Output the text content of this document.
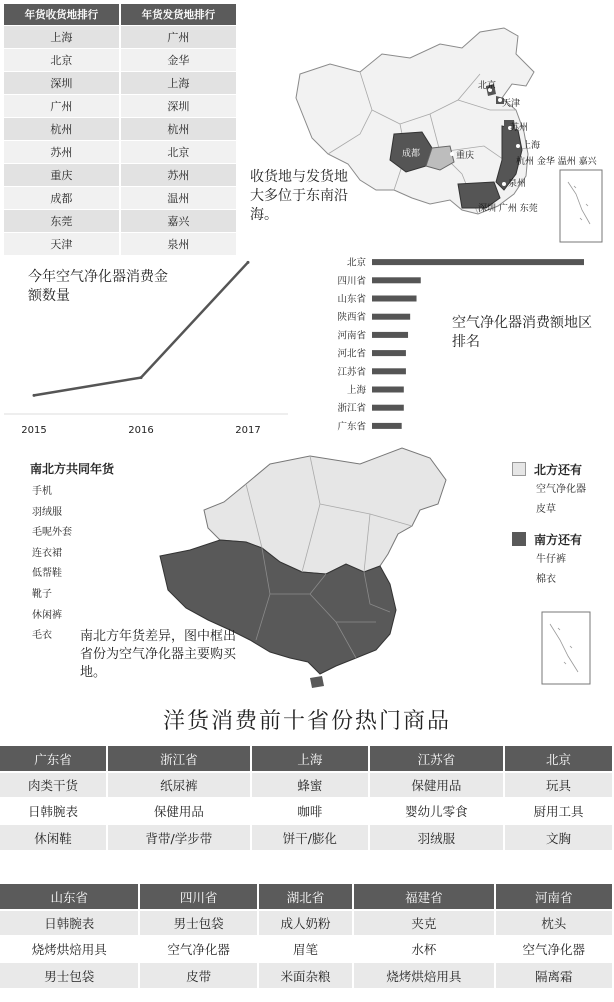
年货收货地排行	年货发货地排行
上海	广州
北京	金华
深圳	上海
广州	深圳
杭州	杭州
苏州	北京
重庆	苏州
成都	温州
东莞	嘉兴
天津	泉州
北京
天津
苏州
上海
杭州 金华 温州 嘉兴
成都	重庆
泉州
深圳 广州 东莞
收货地与发货地大多位于东南沿海。
今年空气净化器消费金额数量
2015	2016	2017
北京
四川省
山东省
陕西省
河南省
河北省
江苏省
上海
浙江省
广东省
空气净化器消费额地区排名
南北方共同年货
手机
羽绒服
毛呢外套
连衣裙
低帮鞋
靴子
休闲裤
毛衣
北方还有
空气净化器
皮草
南方还有
牛仔裤
棉衣
南北方年货差异，图中框出省份为空气净化器主要购买地。
洋货消费前十省份热门商品
广东省	浙江省	上海	江苏省	北京
肉类干货	纸尿裤	蜂蜜	保健用品	玩具
日韩腕表	保健用品	咖啡	婴幼儿零食	厨用工具
休闲鞋	背带/学步带	饼干/膨化	羽绒服	文胸
山东省	四川省	湖北省	福建省	河南省
日韩腕表	男士包袋	成人奶粉	夹克	枕头
烧烤烘焙用具	空气净化器	眉笔	水杯	空气净化器
男士包袋	皮带	米面杂粮	烧烤烘焙用具	隔离霜
